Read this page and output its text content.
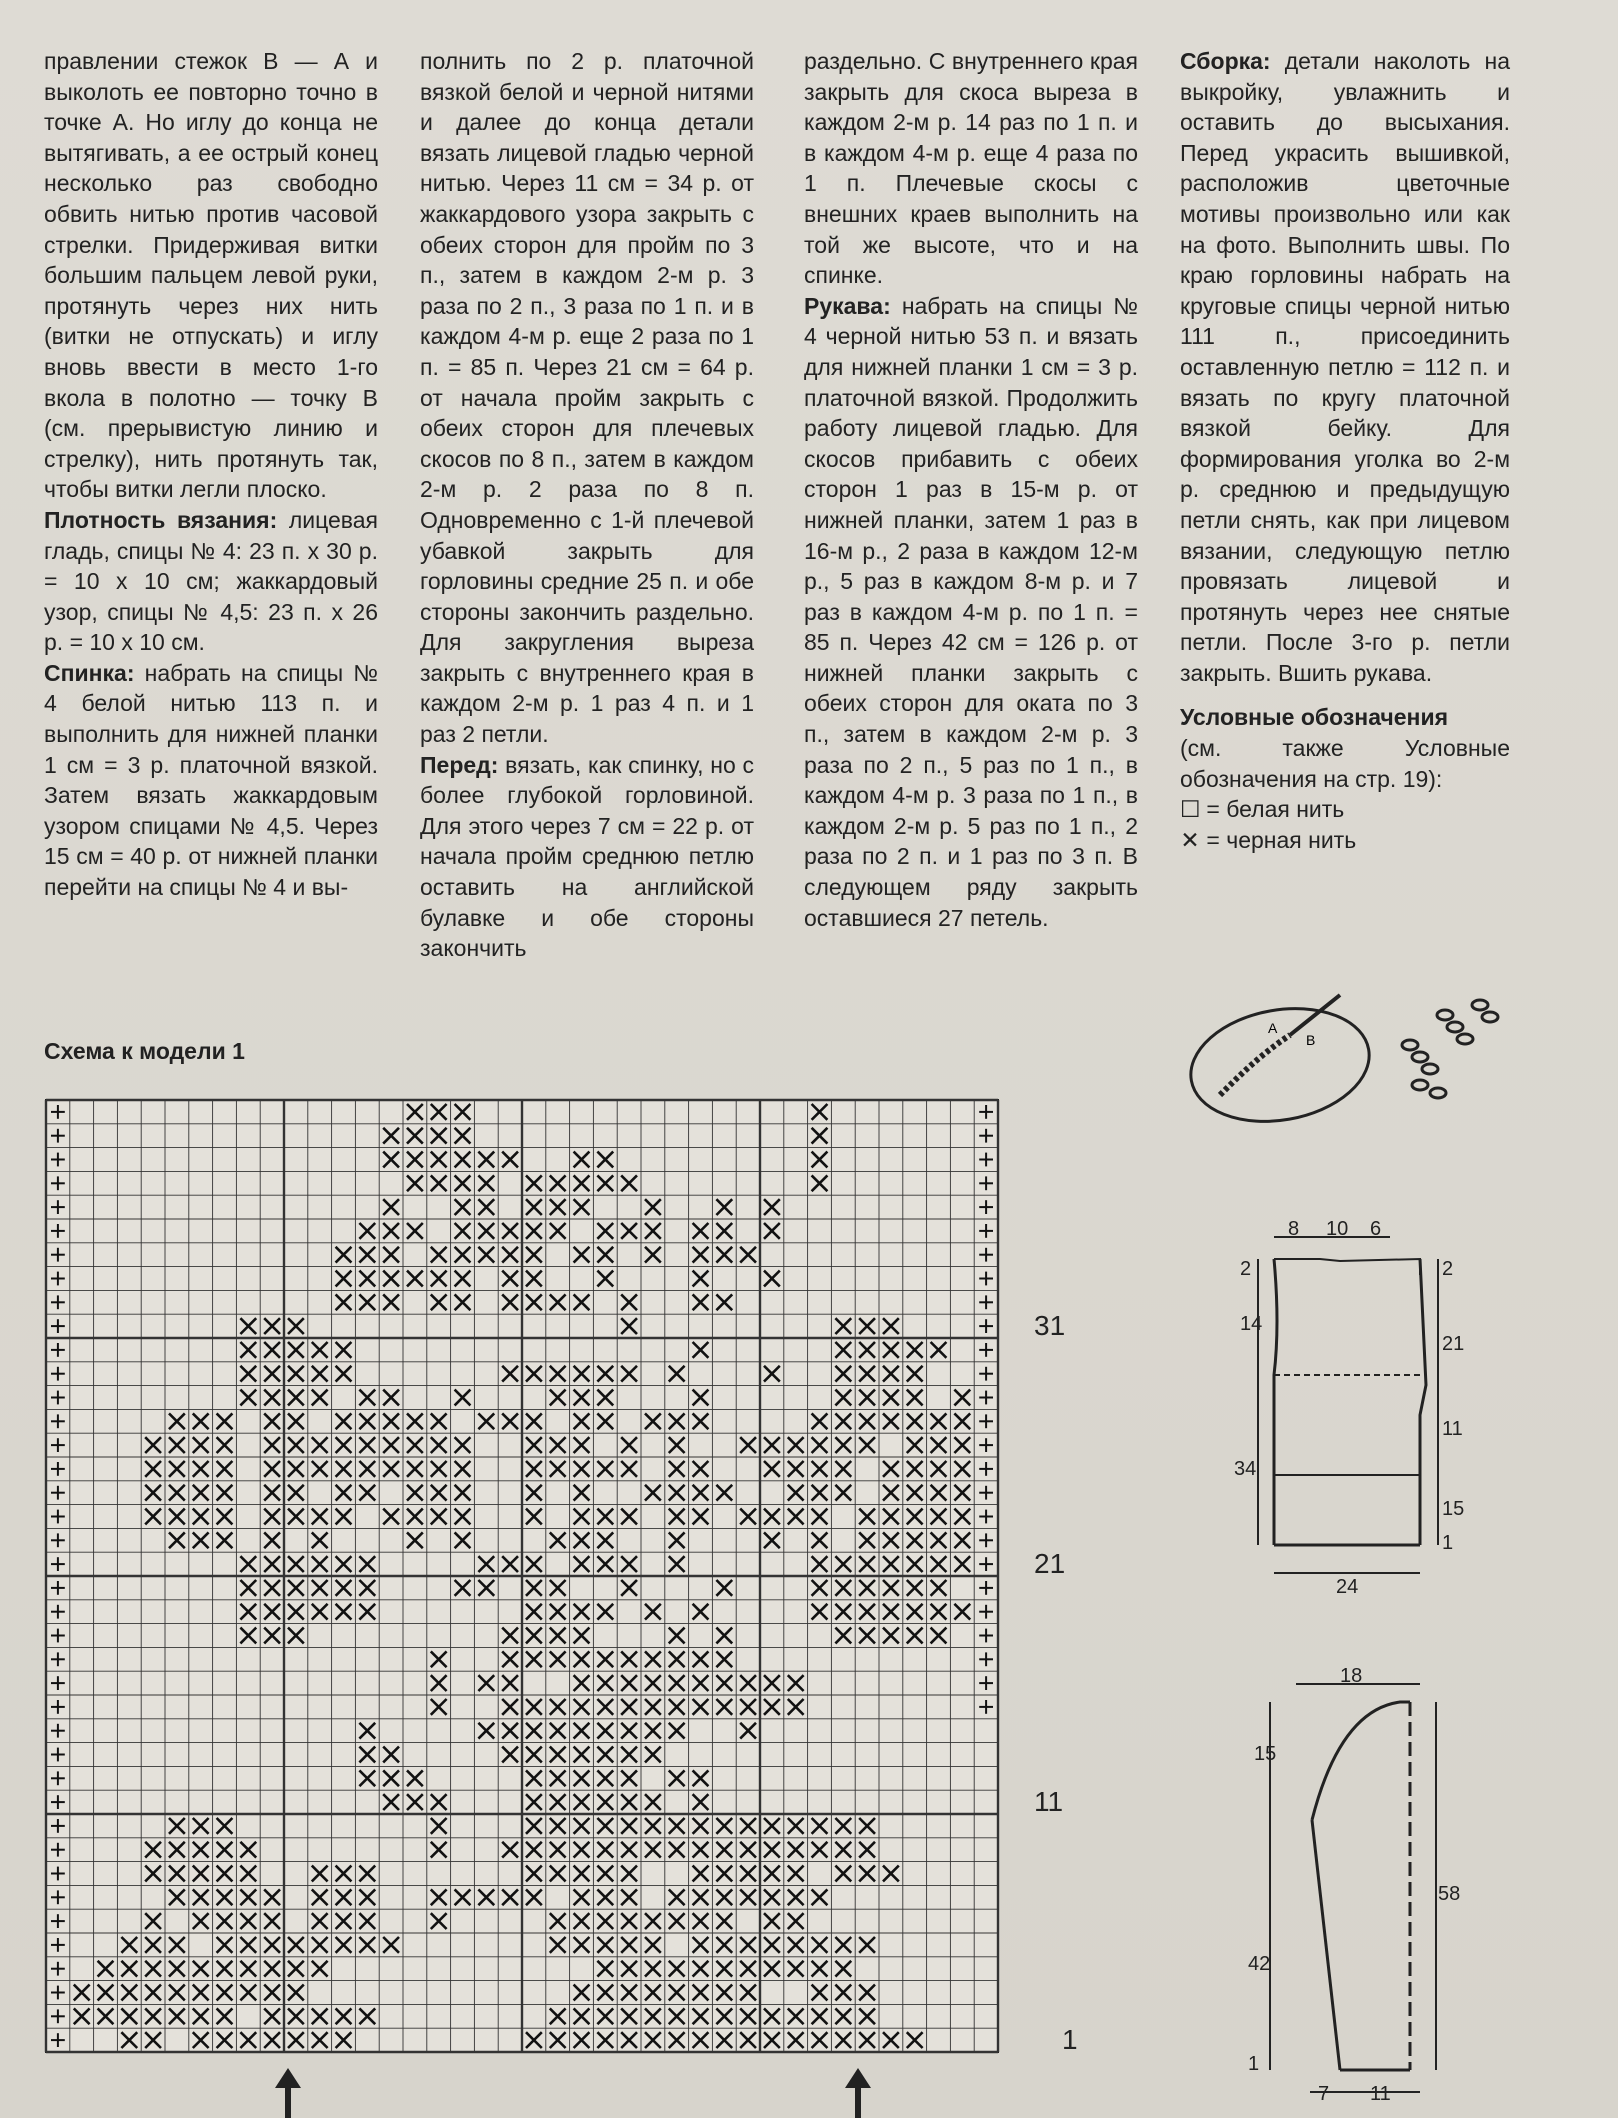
правлении стежок В — А и выколоть ее повторно точно в точке А. Но иглу до конца не вытягивать, а ее острый конец несколько раз свободно обвить нитью против часовой стрелки. Придерживая витки большим пальцем левой руки, протянуть через них нить (витки не отпускать) и иглу вновь ввести в место 1-го вкола в полотно — точку В (см. прерывистую линию и стрелку), нить протянуть так, чтобы витки легли плоско.

Плотность вязания: лицевая гладь, спицы № 4: 23 п. х 30 р. = 10 х 10 см; жаккардовый узор, спицы № 4,5: 23 п. х 26 р. = 10 х 10 см.

Спинка: набрать на спицы № 4 белой нитью 113 п. и выполнить для нижней планки 1 см = 3 р. платочной вязкой. Затем вязать жаккардовым узором спицами № 4,5. Через 15 см = 40 р. от нижней планки перейти на спицы № 4 и вы-

полнить по 2 р. платочной вязкой белой и черной нитями и далее до конца детали вязать лицевой гладью черной нитью. Через 11 см = 34 р. от жаккардового узора закрыть с обеих сторон для пройм по 3 п., затем в каждом 2-м р. 3 раза по 2 п., 3 раза по 1 п. и в каждом 4-м р. еще 2 раза по 1 п. = 85 п. Через 21 см = 64 р. от начала пройм закрыть с обеих сторон для плечевых скосов по 8 п., затем в каждом 2-м р. 2 раза по 8 п. Одновременно с 1-й плечевой убавкой закрыть для горловины средние 25 п. и обе стороны закончить раздельно. Для закругления выреза закрыть с внутреннего края в каждом 2-м р. 1 раз 4 п. и 1 раз 2 петли.

Перед: вязать, как спинку, но с более глубокой горловиной. Для этого через 7 см = 22 р. от начала пройм среднюю петлю оставить на английской булавке и обе стороны закончить

раздельно. С внутреннего края закрыть для скоса выреза в каждом 2-м р. 14 раз по 1 п. и в каждом 4-м р. еще 4 раза по 1 п. Плечевые скосы с внешних краев выполнить на той же высоте, что и на спинке.

Рукава: набрать на спицы № 4 черной нитью 53 п. и вязать для нижней планки 1 см = 3 р. платочной вязкой. Продолжить работу лицевой гладью. Для скосов прибавить с обеих сторон 1 раз в 15-м р. от нижней планки, затем 1 раз в 16-м р., 2 раза в каждом 12-м р., 5 раз в каждом 8-м р. и 7 раз в каждом 4-м р. по 1 п. = 85 п. Через 42 см = 126 р. от нижней планки закрыть с обеих сторон для оката по 3 п., затем в каждом 2-м р. 3 раза по 2 п., 5 раз по 1 п., в каждом 4-м р. 3 раза по 1 п., в каждом 2-м р. 5 раз по 1 п., 2 раза по 2 п. и 1 раз по 3 п. В следующем ряду закрыть оставшиеся 27 петель.

Сборка: детали наколоть на выкройку, увлажнить и оставить до высыхания. Перед украсить вышивкой, расположив цветочные мотивы произвольно или как на фото. Выполнить швы. По краю горловины набрать на круговые спицы черной нитью 111 п., присоединить оставленную петлю = 112 п. и вязать по кругу платочной вязкой бейку. Для формирования уголка во 2-м р. среднюю и предыдущую петли снять, как при лицевом вязании, следующую петлю провязать лицевой и протянуть через нее снятые петли. После 3-го р. петли закрыть. Вшить рукава.

Условные обозначения
(см. также Условные обозначения на стр. 19):

☐ = белая нить
✕ = черная нить

A
B
Схема к модели 1
31
21
11
1
8 10 6
2
14
2
21
11
34
15
1
24
18
15
58
42
1
7 11
